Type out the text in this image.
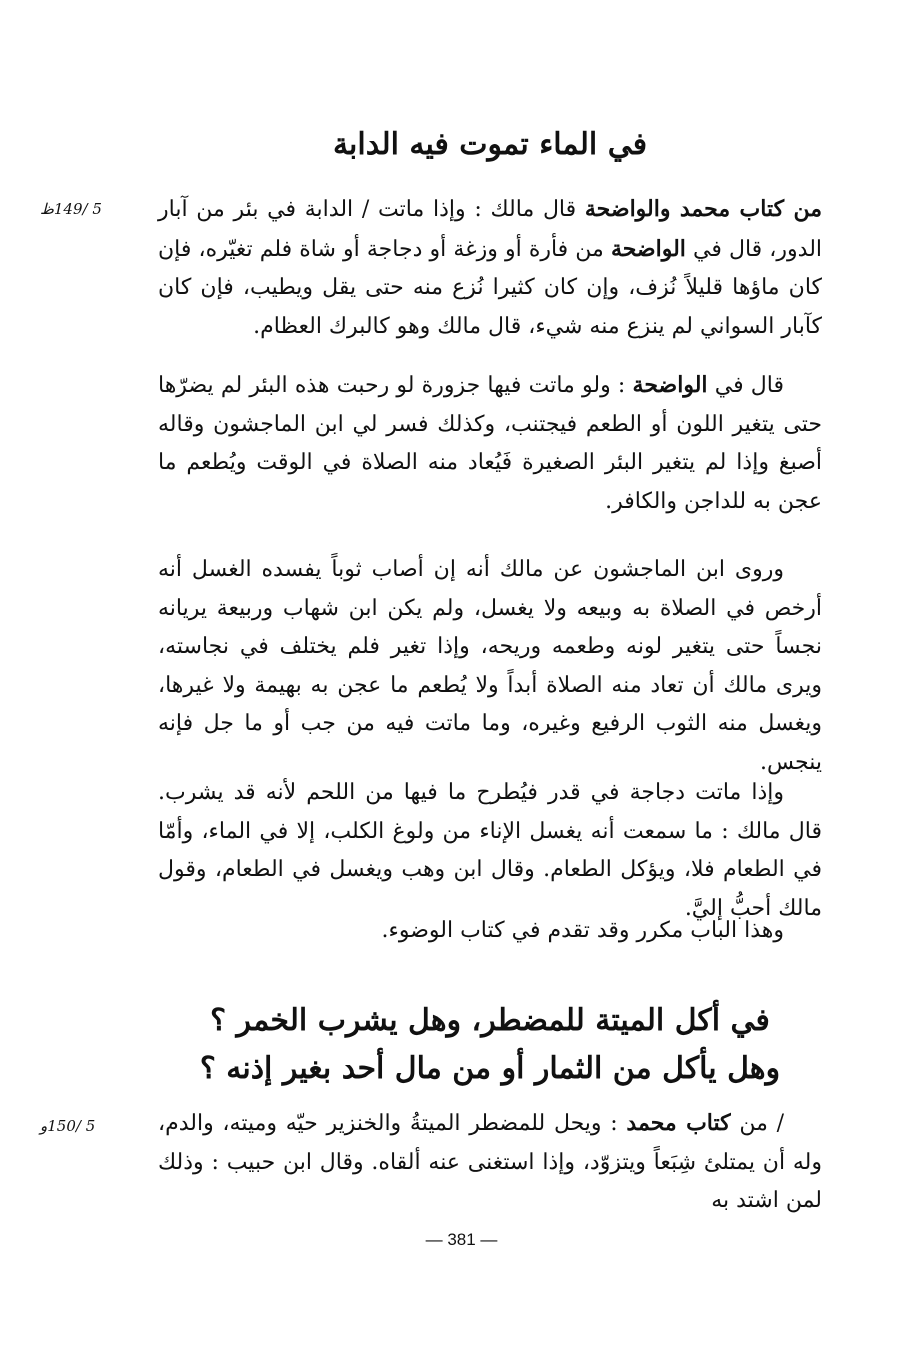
في الماء تموت فيه الدابة
5 /149ظ	من كتاب محمد والواضحة قال مالك : وإذا ماتت / الدابة في بئر من آبار الدور، قال في الواضحة من فأرة أو وزغة أو دجاجة أو شاة فلم تغيّره، فإن كان ماؤها قليلاً نُزف، وإن كان كثيرا نُزع منه حتى يقل ويطيب، فإن كان كآبار السواني لم ينزع منه شيء، قال مالك وهو كالبرك العظام.

قال في الواضحة : ولو ماتت فيها جزورة لو رحبت هذه البئر لم يضرّها حتى يتغير اللون أو الطعم فيجتنب، وكذلك فسر لي ابن الماجشون وقاله أصبغ وإذا لم يتغير البئر الصغيرة فَيُعاد منه الصلاة في الوقت ويُطعم ما عجن به للداجن والكافر.

وروى ابن الماجشون عن مالك أنه إن أصاب ثوباً يفسده الغسل أنه أرخص في الصلاة به وبيعه ولا يغسل، ولم يكن ابن شهاب وربيعة يريانه نجساً حتى يتغير لونه وطعمه وريحه، وإذا تغير فلم يختلف في نجاسته، ويرى مالك أن تعاد منه الصلاة أبداً ولا يُطعم ما عجن به بهيمة ولا غيرها، ويغسل منه الثوب الرفيع وغيره، وما ماتت فيه من جب أو ما جل فإنه ينجس.

وإذا ماتت دجاجة في قدر فيُطرح ما فيها من اللحم لأنه قد يشرب. قال مالك : ما سمعت أنه يغسل الإناء من ولوغ الكلب، إلا في الماء، وأمّا في الطعام فلا، ويؤكل الطعام. وقال ابن وهب ويغسل في الطعام، وقول مالك أحبُّ إليَّ.

وهذا الباب مكرر وقد تقدم في كتاب الوضوء.

في أكل الميتة للمضطر، وهل يشرب الخمر ؟
وهل يأكل من الثمار أو من مال أحد بغير إذنه ؟
5 /150و	/ من كتاب محمد : ويحل للمضطر الميتةُ والخنزير حيّه وميته، والدم، وله أن يمتلئ شِبَعاً ويتزوّد، وإذا استغنى عنه ألقاه. وقال ابن حبيب : وذلك لمن اشتد به

— 381 —
